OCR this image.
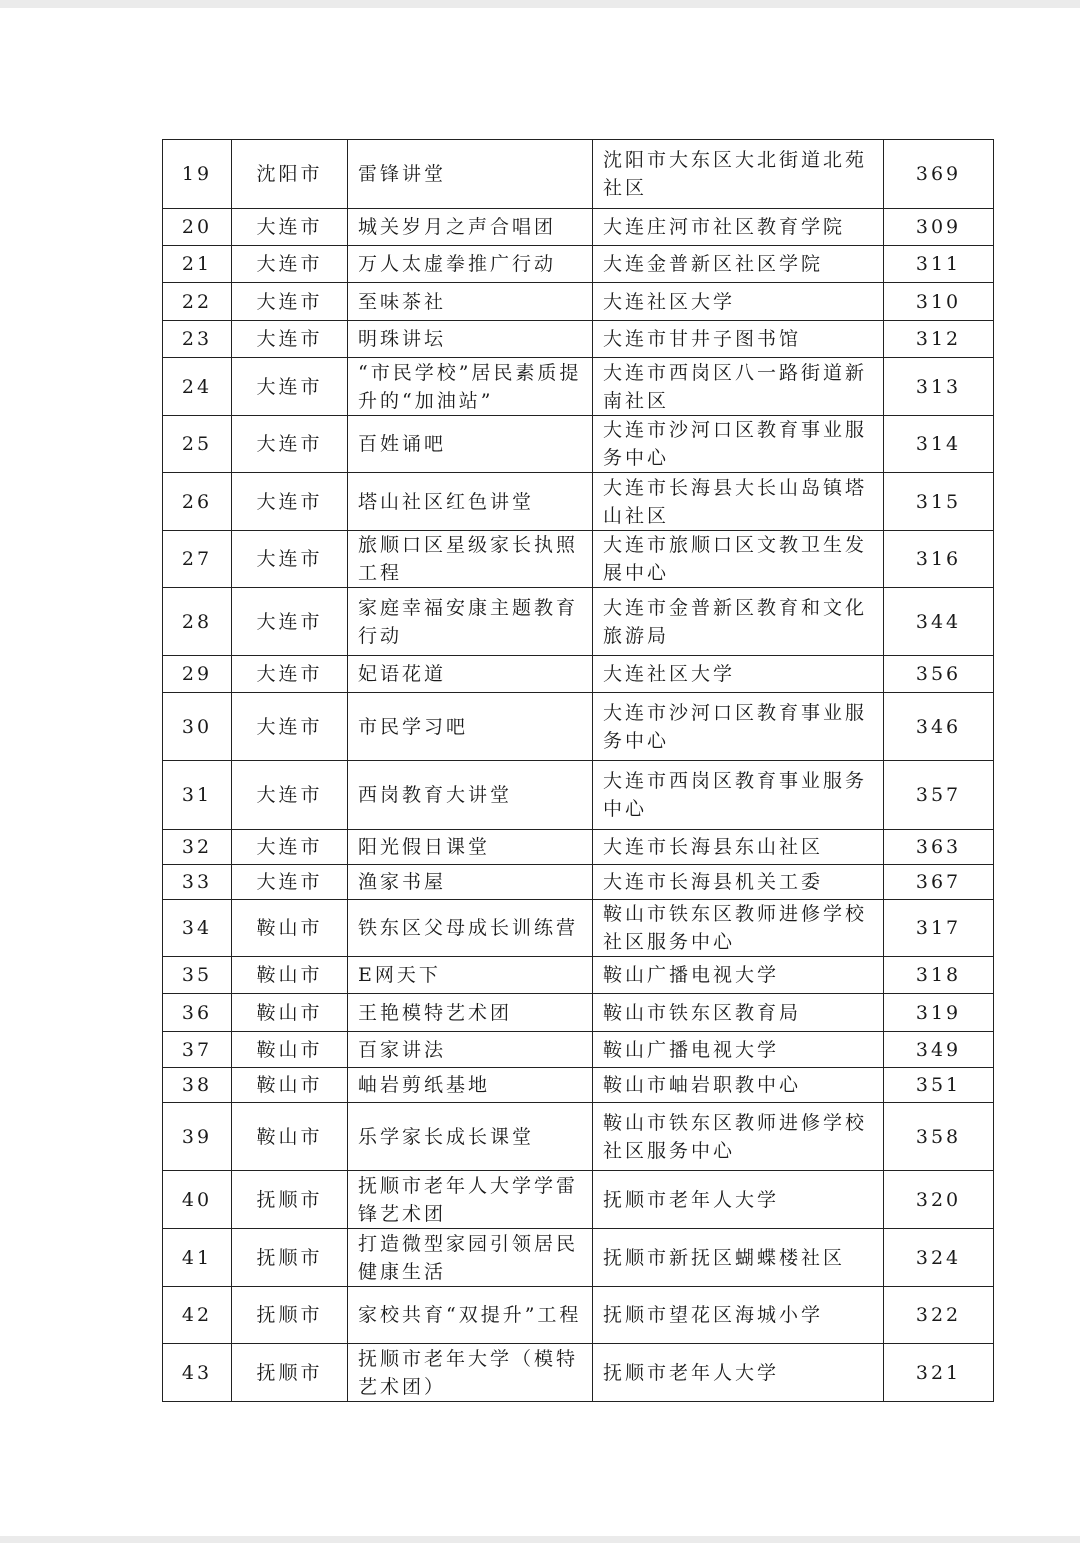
19	沈阳市	雷锋讲堂	沈阳市大东区大北街道北苑社区	369
20	大连市	城关岁月之声合唱团	大连庄河市社区教育学院	309
21	大连市	万人太虚拳推广行动	大连金普新区社区学院	311
22	大连市	至味茶社	大连社区大学	310
23	大连市	明珠讲坛	大连市甘井子图书馆	312
24	大连市	“市民学校”居民素质提升的“加油站”	大连市西岗区八一路街道新南社区	313
25	大连市	百姓诵吧	大连市沙河口区教育事业服务中心	314
26	大连市	塔山社区红色讲堂	大连市长海县大长山岛镇塔山社区	315
27	大连市	旅顺口区星级家长执照工程	大连市旅顺口区文教卫生发展中心	316
28	大连市	家庭幸福安康主题教育行动	大连市金普新区教育和文化旅游局	344
29	大连市	妃语花道	大连社区大学	356
30	大连市	市民学习吧	大连市沙河口区教育事业服务中心	346
31	大连市	西岗教育大讲堂	大连市西岗区教育事业服务中心	357
32	大连市	阳光假日课堂	大连市长海县东山社区	363
33	大连市	渔家书屋	大连市长海县机关工委	367
34	鞍山市	铁东区父母成长训练营	鞍山市铁东区教师进修学校社区服务中心	317
35	鞍山市	E网天下	鞍山广播电视大学	318
36	鞍山市	王艳模特艺术团	鞍山市铁东区教育局	319
37	鞍山市	百家讲法	鞍山广播电视大学	349
38	鞍山市	岫岩剪纸基地	鞍山市岫岩职教中心	351
39	鞍山市	乐学家长成长课堂	鞍山市铁东区教师进修学校社区服务中心	358
40	抚顺市	抚顺市老年人大学学雷锋艺术团	抚顺市老年人大学	320
41	抚顺市	打造微型家园引领居民健康生活	抚顺市新抚区蝴蝶楼社区	324
42	抚顺市	家校共育“双提升”工程	抚顺市望花区海城小学	322
43	抚顺市	抚顺市老年大学（模特艺术团）	抚顺市老年人大学	321
